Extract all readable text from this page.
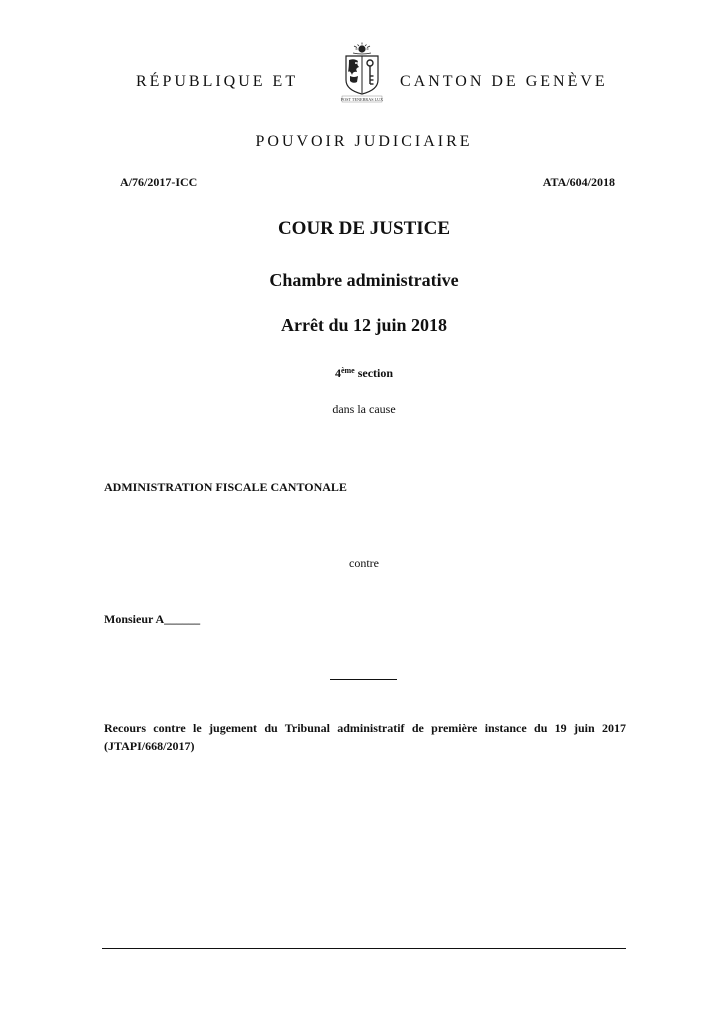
RÉPUBLIQUE ET
POST TENEBRAS LUX
CANTON DE GENÈVE
POUVOIR JUDICIAIRE
A/76/2017-ICC	ATA/604/2018
COUR DE JUSTICE
Chambre administrative
Arrêt du 12 juin 2018
4ème section
dans la cause
ADMINISTRATION FISCALE CANTONALE
contre
Monsieur A______
Recours contre le jugement du Tribunal administratif de première instance du 19 juin 2017 (JTAPI/668/2017)
